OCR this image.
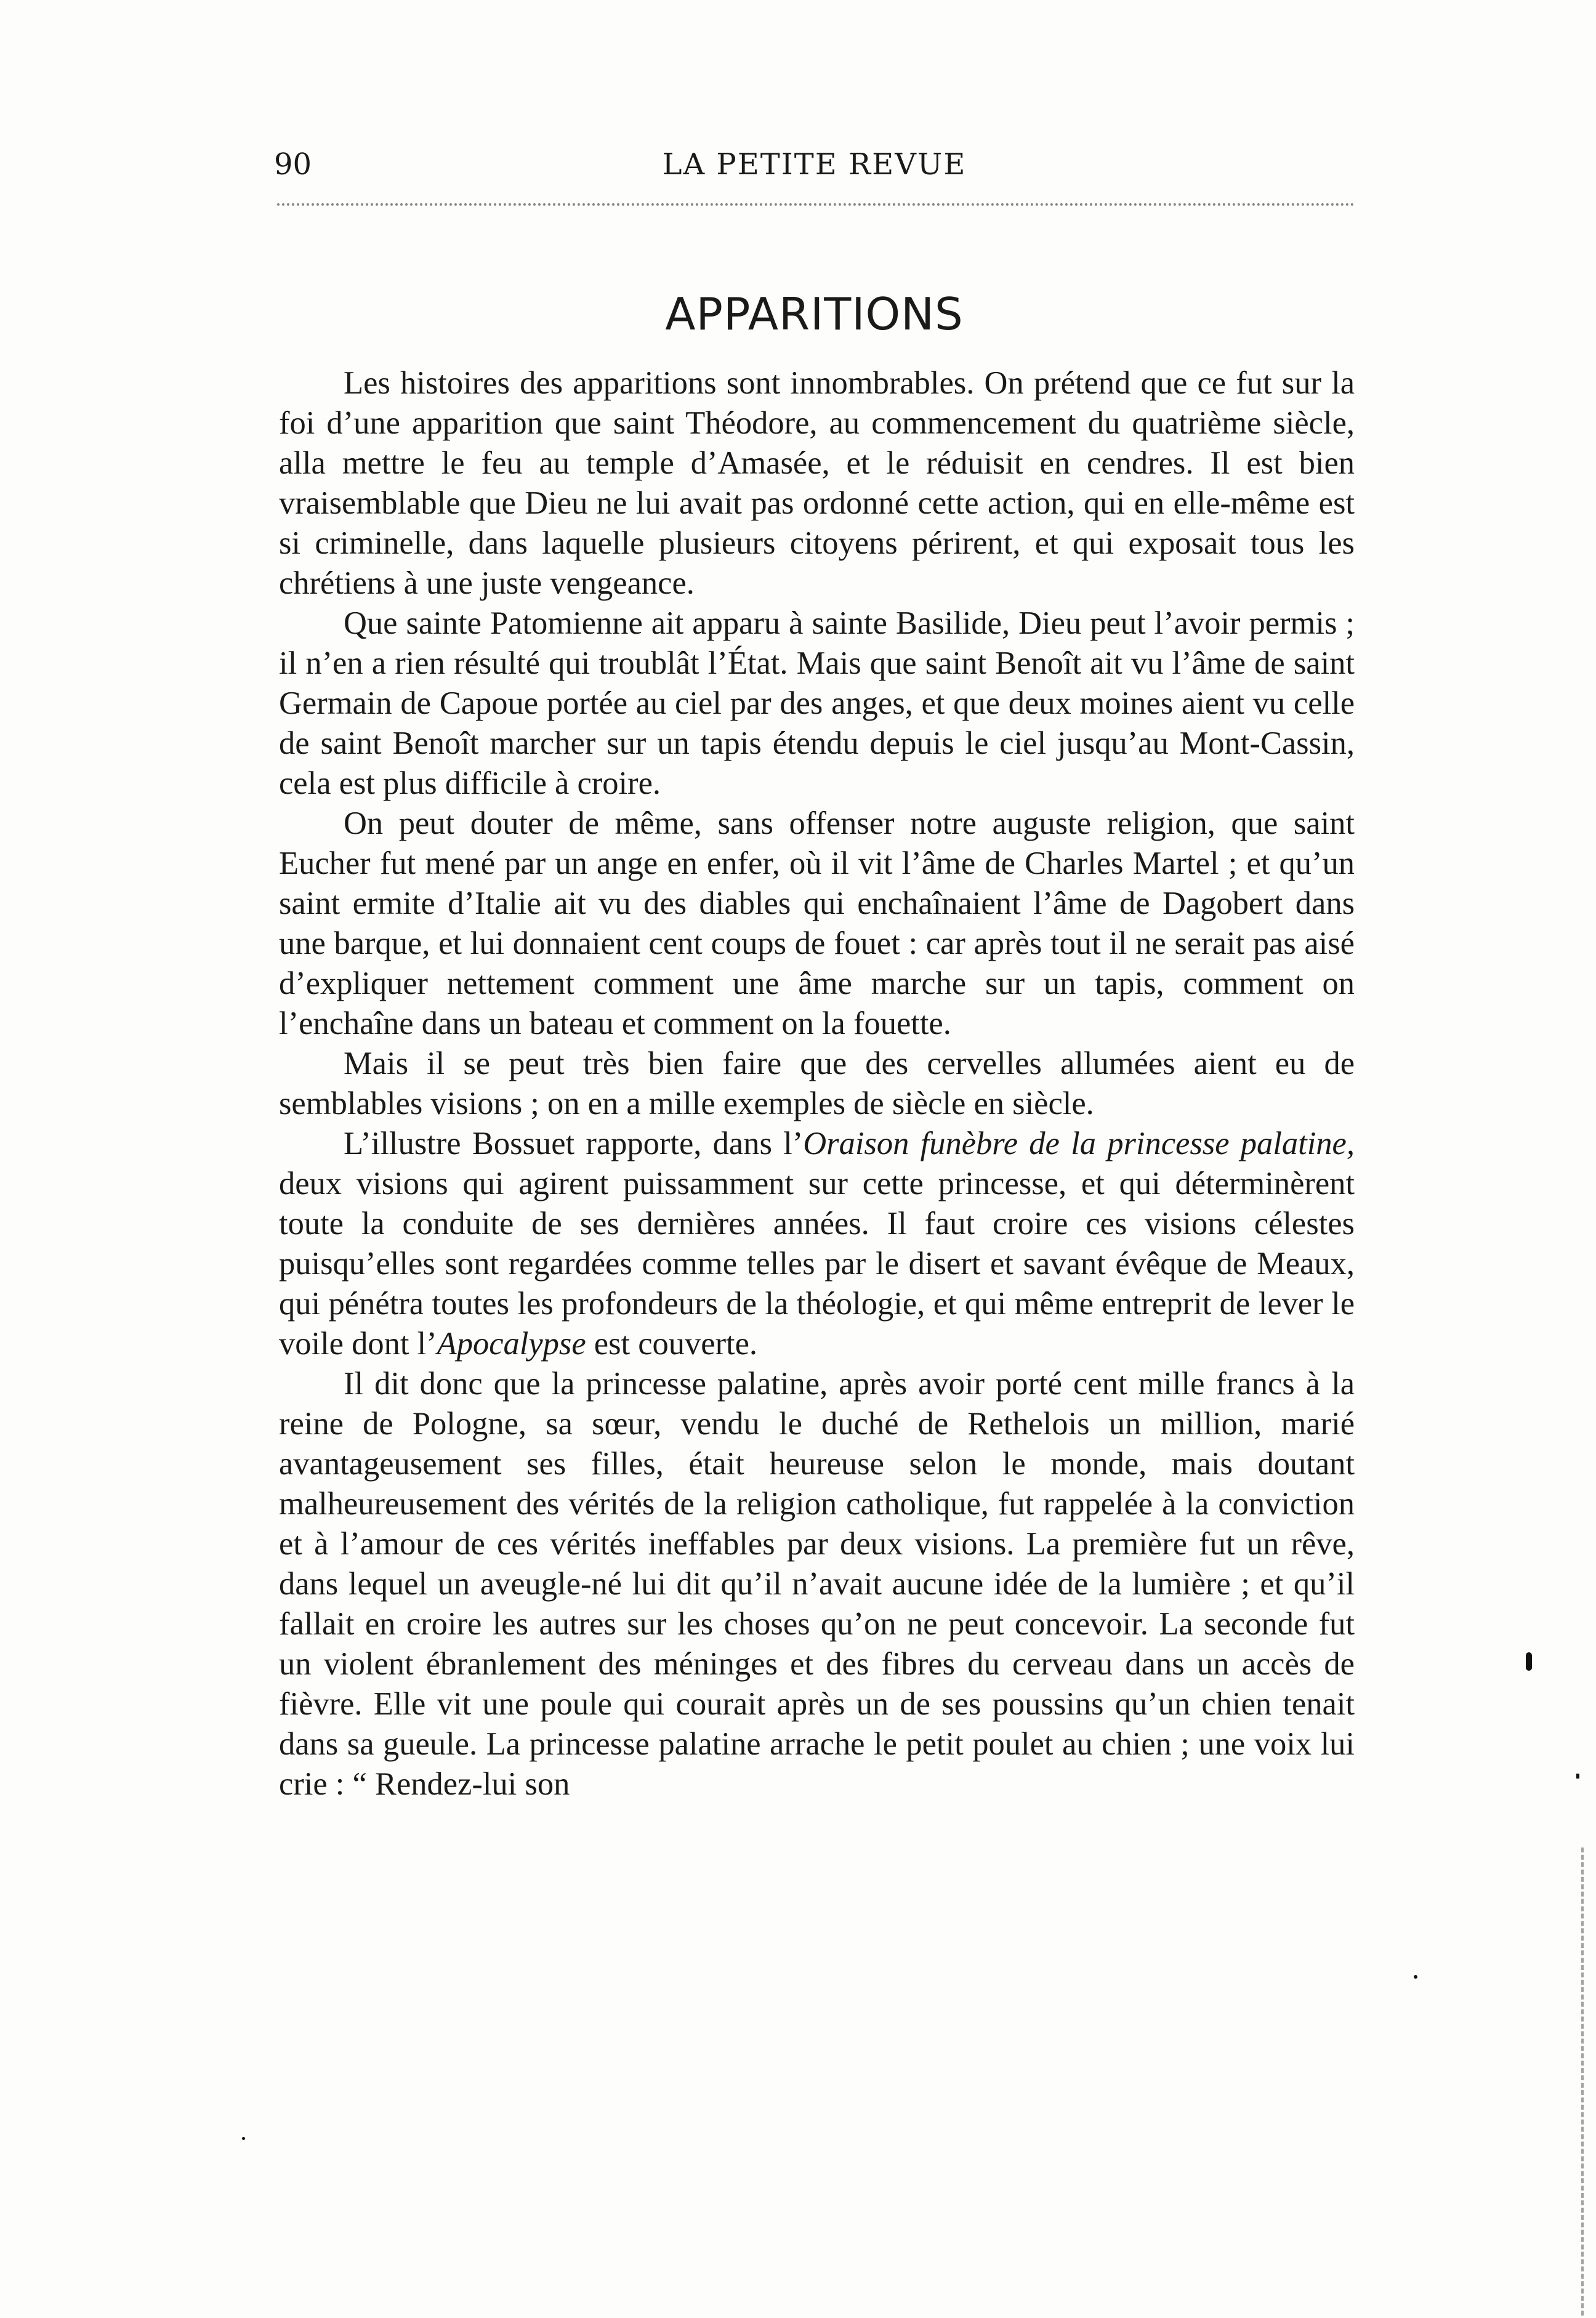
90	LA PETITE REVUE
APPARITIONS

Les histoires des apparitions sont innombrables. On prétend que ce fut sur la foi d’une apparition que saint Théodore, au commencement du quatrième siècle, alla mettre le feu au temple d’Amasée, et le réduisit en cendres. Il est bien vraisemblable que Dieu ne lui avait pas ordonné cette action, qui en elle-même est si criminelle, dans laquelle plusieurs citoyens périrent, et qui exposait tous les chrétiens à une juste vengeance.

Que sainte Patomienne ait apparu à sainte Basilide, Dieu peut l’avoir permis ; il n’en a rien résulté qui troublât l’État. Mais que saint Benoît ait vu l’âme de saint Germain de Capoue portée au ciel par des anges, et que deux moines aient vu celle de saint Benoît marcher sur un tapis étendu depuis le ciel jusqu’au Mont-Cassin, cela est plus difficile à croire.

On peut douter de même, sans offenser notre auguste religion, que saint Eucher fut mené par un ange en enfer, où il vit l’âme de Charles Martel ; et qu’un saint ermite d’Italie ait vu des diables qui enchaînaient l’âme de Dagobert dans une barque, et lui donnaient cent coups de fouet : car après tout il ne serait pas aisé d’expliquer nettement comment une âme marche sur un tapis, comment on l’enchaîne dans un bateau et comment on la fouette.

Mais il se peut très bien faire que des cervelles allumées aient eu de semblables visions ; on en a mille exemples de siècle en siècle.

L’illustre Bossuet rapporte, dans l’Oraison funèbre de la princesse palatine, deux visions qui agirent puissamment sur cette princesse, et qui déterminèrent toute la conduite de ses dernières années. Il faut croire ces visions célestes puisqu’elles sont regardées comme telles par le disert et savant évêque de Meaux, qui pénétra toutes les profondeurs de la théologie, et qui même entreprit de lever le voile dont l’Apocalypse est couverte.

Il dit donc que la princesse palatine, après avoir porté cent mille francs à la reine de Pologne, sa sœur, vendu le duché de Rethelois un million, marié avantageusement ses filles, était heureuse selon le monde, mais doutant malheureusement des vérités de la religion catholique, fut rappelée à la conviction et à l’amour de ces vérités ineffables par deux visions. La première fut un rêve, dans lequel un aveugle-né lui dit qu’il n’avait aucune idée de la lumière ; et qu’il fallait en croire les autres sur les choses qu’on ne peut concevoir. La seconde fut un violent ébranlement des méninges et des fibres du cerveau dans un accès de fièvre. Elle vit une poule qui courait après un de ses poussins qu’un chien tenait dans sa gueule. La princesse palatine arrache le petit poulet au chien ; une voix lui crie : “ Rendez-lui son
